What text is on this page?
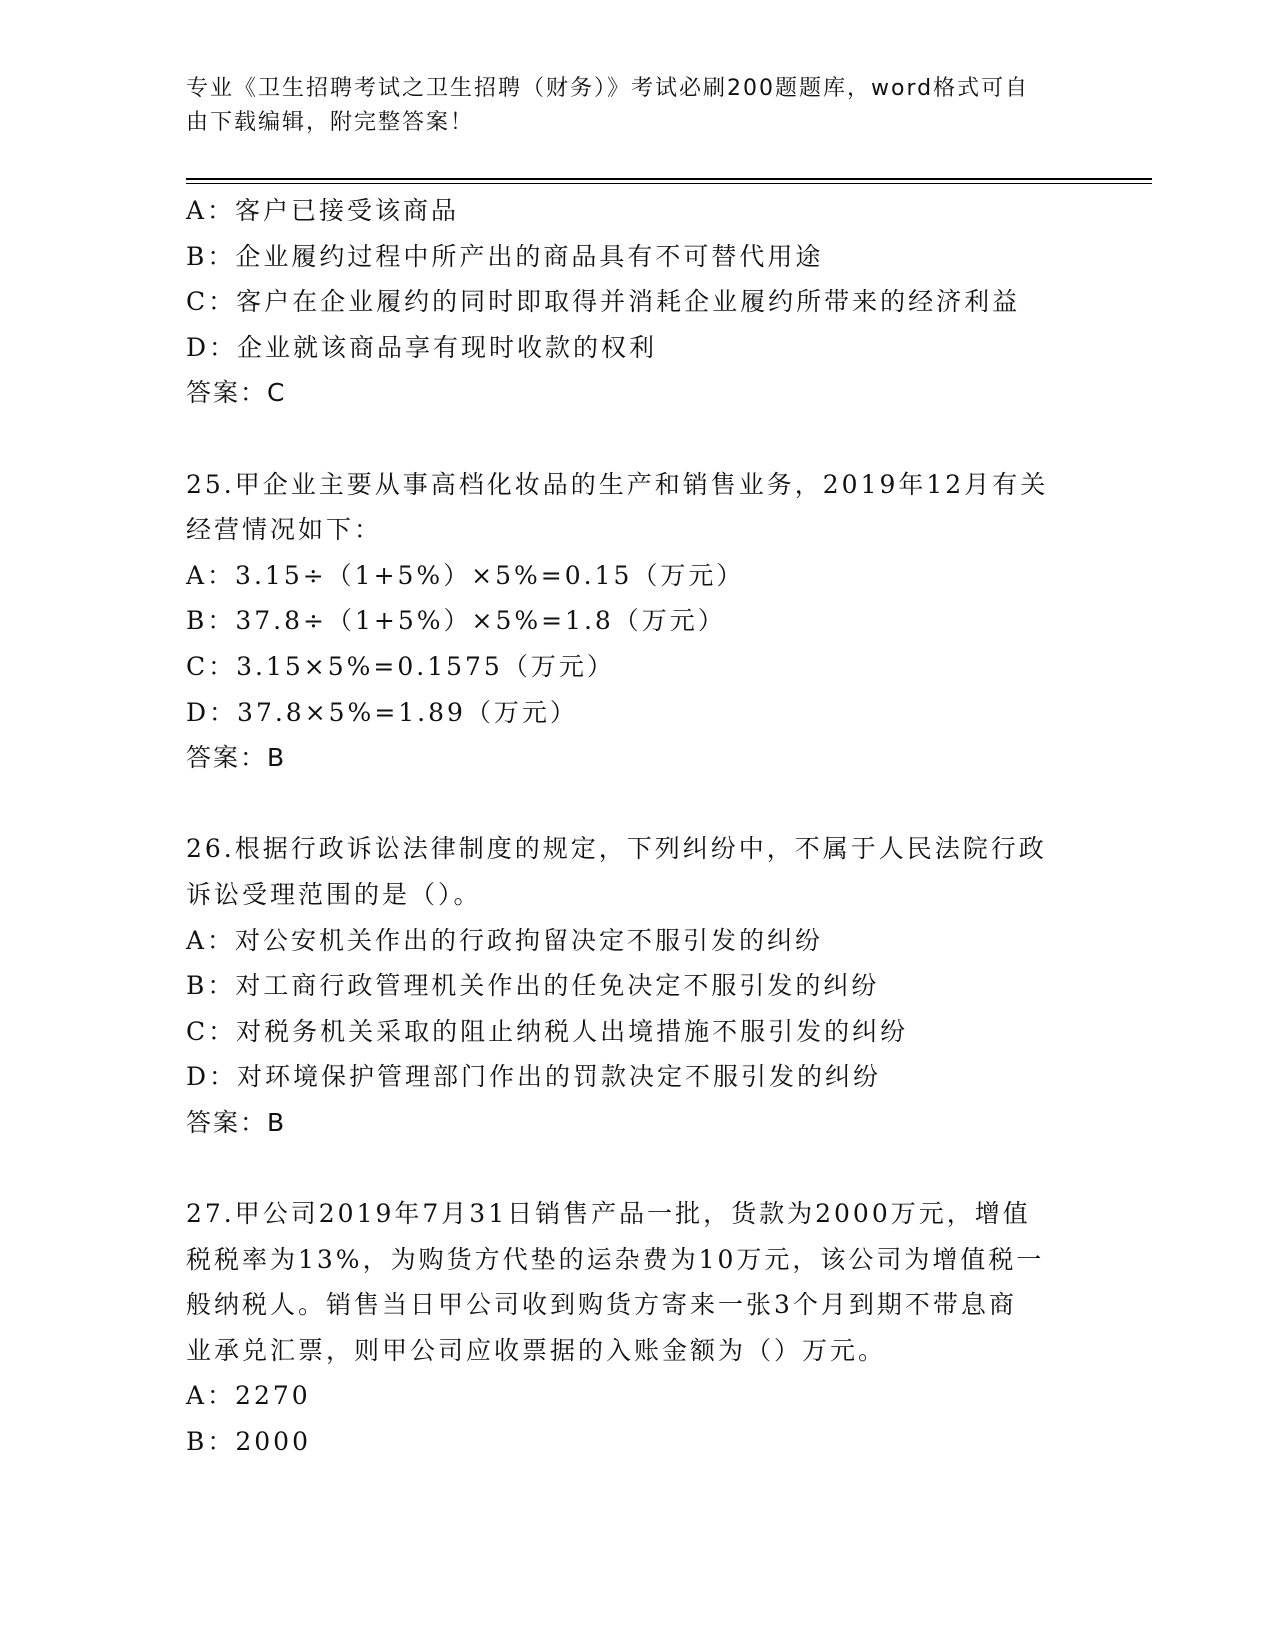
专业《卫生招聘考试之卫生招聘（财务）》考试必刷200题题库，word格式可自
由下载编辑，附完整答案！
A：客户已接受该商品
B：企业履约过程中所产出的商品具有不可替代用途
C：客户在企业履约的同时即取得并消耗企业履约所带来的经济利益
D：企业就该商品享有现时收款的权利
答案：C
25.甲企业主要从事高档化妆品的生产和销售业务，2019年12月有关
经营情况如下：
A：3.15÷（1+5%）×5%=0.15（万元）
B：37.8÷（1+5%）×5%=1.8（万元）
C：3.15×5%=0.1575（万元）
D：37.8×5%=1.89（万元）
答案：B
26.根据行政诉讼法律制度的规定，下列纠纷中，不属于人民法院行政
诉讼受理范围的是（）。
A：对公安机关作出的行政拘留决定不服引发的纠纷
B：对工商行政管理机关作出的任免决定不服引发的纠纷
C：对税务机关采取的阻止纳税人出境措施不服引发的纠纷
D：对环境保护管理部门作出的罚款决定不服引发的纠纷
答案：B
27.甲公司2019年7月31日销售产品一批，货款为2000万元，增值
税税率为13%，为购货方代垫的运杂费为10万元，该公司为增值税一
般纳税人。销售当日甲公司收到购货方寄来一张3个月到期不带息商
业承兑汇票，则甲公司应收票据的入账金额为（）万元。
A：2270
B：2000
